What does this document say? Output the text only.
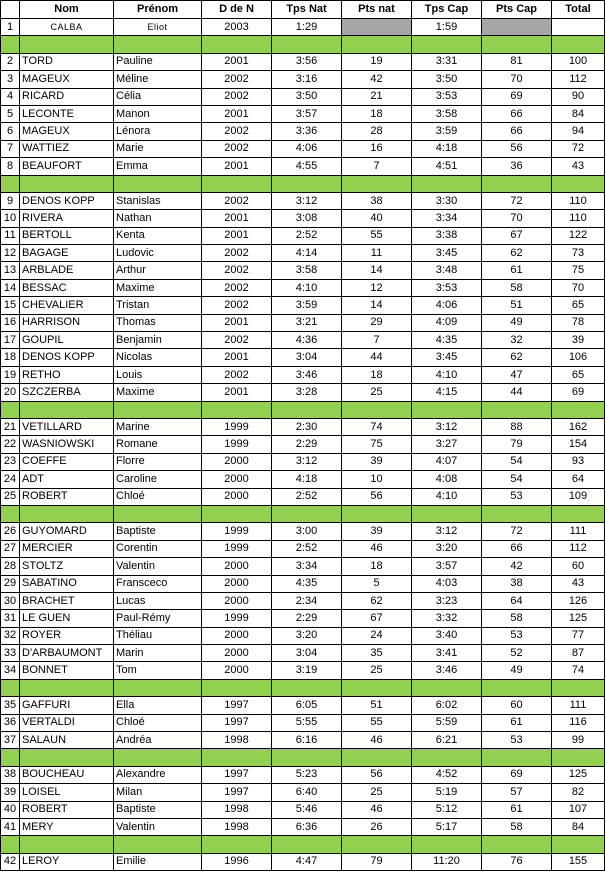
	Nom	Prénom	D de N	Tps Nat	Pts nat	Tps Cap	Pts Cap	Total
1	CALBA	Eliot	2003	1:29		1:59		

2	TORD	Pauline	2001	3:56	19	3:31	81	100
3	MAGEUX	Méline	2002	3:16	42	3:50	70	112
4	RICARD	Célia	2002	3:50	21	3:53	69	90
5	LECONTE	Manon	2001	3:57	18	3:58	66	84
6	MAGEUX	Lénora	2002	3:36	28	3:59	66	94
7	WATTIEZ	Marie	2002	4:06	16	4:18	56	72
8	BEAUFORT	Emma	2001	4:55	7	4:51	36	43

9	DENOS KOPP	Stanislas	2002	3:12	38	3:30	72	110
10	RIVERA	Nathan	2001	3:08	40	3:34	70	110
11	BERTOLL	Kenta	2001	2:52	55	3:38	67	122
12	BAGAGE	Ludovic	2002	4:14	11	3:45	62	73
13	ARBLADE	Arthur	2002	3:58	14	3:48	61	75
14	BESSAC	Maxime	2002	4:10	12	3:53	58	70
15	CHEVALIER	Tristan	2002	3:59	14	4:06	51	65
16	HARRISON	Thomas	2001	3:21	29	4:09	49	78
17	GOUPIL	Benjamin	2002	4:36	7	4:35	32	39
18	DENOS KOPP	Nicolas	2001	3:04	44	3:45	62	106
19	RETHO	Louis	2002	3:46	18	4:10	47	65
20	SZCZERBA	Maxime	2001	3:28	25	4:15	44	69

21	VETILLARD	Marine	1999	2:30	74	3:12	88	162
22	WASNIOWSKI	Romane	1999	2:29	75	3:27	79	154
23	COEFFE	Florre	2000	3:12	39	4:07	54	93
24	ADT	Caroline	2000	4:18	10	4:08	54	64
25	ROBERT	Chloé	2000	2:52	56	4:10	53	109

26	GUYOMARD	Baptiste	1999	3:00	39	3:12	72	111
27	MERCIER	Corentin	1999	2:52	46	3:20	66	112
28	STOLTZ	Valentin	2000	3:34	18	3:57	42	60
29	SABATINO	Fransceco	2000	4:35	5	4:03	38	43
30	BRACHET	Lucas	2000	2:34	62	3:23	64	126
31	LE GUEN	Paul-Rémy	1999	2:29	67	3:32	58	125
32	ROYER	Théliau	2000	3:20	24	3:40	53	77
33	D'ARBAUMONT	Marin	2000	3:04	35	3:41	52	87
34	BONNET	Tom	2000	3:19	25	3:46	49	74

35	GAFFURI	Ella	1997	6:05	51	6:02	60	111
36	VERTALDI	Chloé	1997	5:55	55	5:59	61	116
37	SALAUN	Andréa	1998	6:16	46	6:21	53	99

38	BOUCHEAU	Alexandre	1997	5:23	56	4:52	69	125
39	LOISEL	Milan	1997	6:40	25	5:19	57	82
40	ROBERT	Baptiste	1998	5:46	46	5:12	61	107
41	MERY	Valentin	1998	6:36	26	5:17	58	84

42	LEROY	Emilie	1996	4:47	79	11:20	76	155
